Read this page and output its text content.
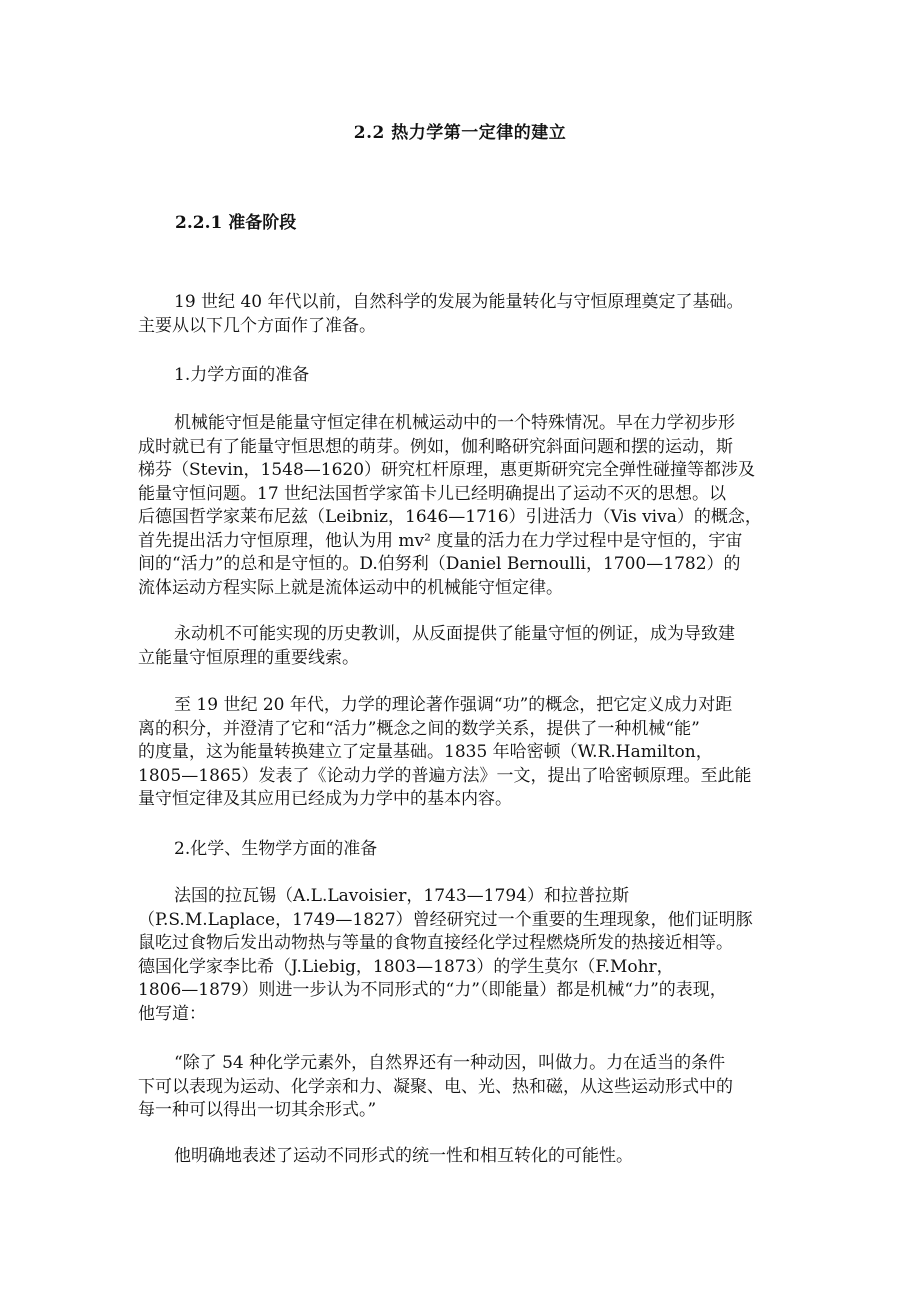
2.2 热力学第一定律的建立
2.2.1 准备阶段
19 世纪 40 年代以前，自然科学的发展为能量转化与守恒原理奠定了基础。
主要从以下几个方面作了准备。
1.力学方面的准备
机械能守恒是能量守恒定律在机械运动中的一个特殊情况。早在力学初步形
成时就已有了能量守恒思想的萌芽。例如，伽利略研究斜面问题和摆的运动，斯
梯芬（Stevin，1548—1620）研究杠杆原理，惠更斯研究完全弹性碰撞等都涉及
能量守恒问题。17 世纪法国哲学家笛卡儿已经明确提出了运动不灭的思想。以
后德国哲学家莱布尼兹（Leibniz，1646—1716）引进活力（Vis viva）的概念，
首先提出活力守恒原理，他认为用 mv² 度量的活力在力学过程中是守恒的，宇宙
间的“活力”的总和是守恒的。D.伯努利（Daniel Bernoulli，1700—1782）的
流体运动方程实际上就是流体运动中的机械能守恒定律。
永动机不可能实现的历史教训，从反面提供了能量守恒的例证，成为导致建
立能量守恒原理的重要线索。
至 19 世纪 20 年代，力学的理论著作强调“功”的概念，把它定义成力对距
离的积分，并澄清了它和“活力”概念之间的数学关系，提供了一种机械“能”
的度量，这为能量转换建立了定量基础。1835 年哈密顿（W.R.Hamilton，
1805—1865）发表了《论动力学的普遍方法》一文，提出了哈密顿原理。至此能
量守恒定律及其应用已经成为力学中的基本内容。
2.化学、生物学方面的准备
法国的拉瓦锡（A.L.Lavoisier，1743—1794）和拉普拉斯
（P.S.M.Laplace，1749—1827）曾经研究过一个重要的生理现象，他们证明豚
鼠吃过食物后发出动物热与等量的食物直接经化学过程燃烧所发的热接近相等。
德国化学家李比希（J.Liebig，1803—1873）的学生莫尔（F.Mohr，
1806—1879）则进一步认为不同形式的“力”（即能量）都是机械“力”的表现，
他写道：
“除了 54 种化学元素外，自然界还有一种动因，叫做力。力在适当的条件
下可以表现为运动、化学亲和力、凝聚、电、光、热和磁，从这些运动形式中的
每一种可以得出一切其余形式。”
他明确地表述了运动不同形式的统一性和相互转化的可能性。
